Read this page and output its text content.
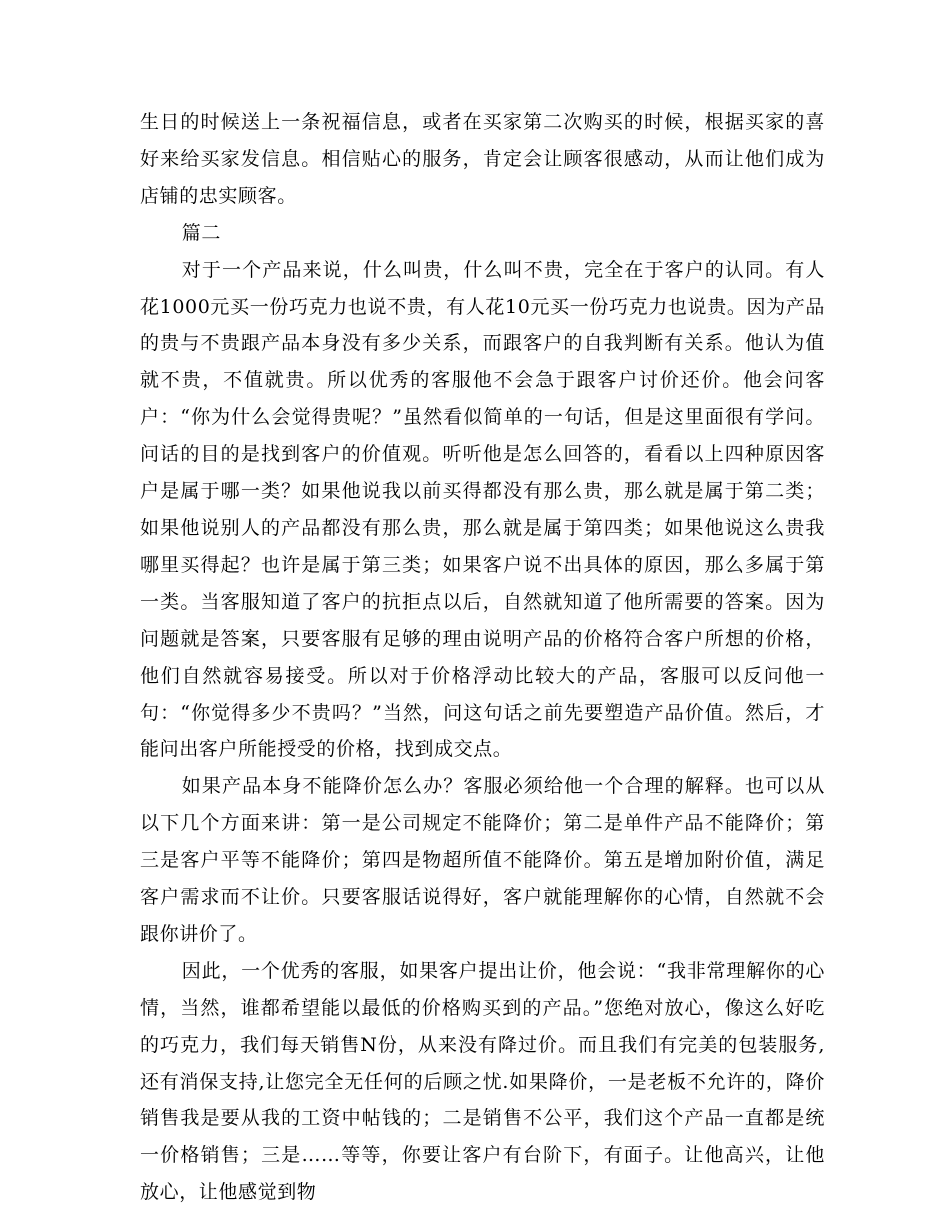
生日的时候送上一条祝福信息，或者在买家第二次购买的时候，根据买家的喜好来给买家发信息。相信贴心的服务，肯定会让顾客很感动，从而让他们成为店铺的忠实顾客。

篇二

对于一个产品来说，什么叫贵，什么叫不贵，完全在于客户的认同。有人花1000元买一份巧克力也说不贵，有人花10元买一份巧克力也说贵。因为产品的贵与不贵跟产品本身没有多少关系，而跟客户的自我判断有关系。他认为值就不贵，不值就贵。所以优秀的客服他不会急于跟客户讨价还价。他会问客户：“你为什么会觉得贵呢？”虽然看似简单的一句话，但是这里面很有学问。问话的目的是找到客户的价值观。听听他是怎么回答的，看看以上四种原因客户是属于哪一类？如果他说我以前买得都没有那么贵，那么就是属于第二类；如果他说别人的产品都没有那么贵，那么就是属于第四类；如果他说这么贵我哪里买得起？也许是属于第三类；如果客户说不出具体的原因，那么多属于第一类。当客服知道了客户的抗拒点以后，自然就知道了他所需要的答案。因为问题就是答案，只要客服有足够的理由说明产品的价格符合客户所想的价格，他们自然就容易接受。所以对于价格浮动比较大的产品，客服可以反问他一句：“你觉得多少不贵吗？”当然，问这句话之前先要塑造产品价值。然后，才能问出客户所能授受的价格，找到成交点。

如果产品本身不能降价怎么办？客服必须给他一个合理的解释。也可以从以下几个方面来讲：第一是公司规定不能降价；第二是单件产品不能降价；第三是客户平等不能降价；第四是物超所值不能降价。第五是增加附价值，满足客户需求而不让价。只要客服话说得好，客户就能理解你的心情，自然就不会跟你讲价了。

因此，一个优秀的客服，如果客户提出让价，他会说：“我非常理解你的心情，当然，谁都希望能以最低的价格购买到的产品。”您绝对放心，像这么好吃的巧克力，我们每天销售N份，从来没有降过价。而且我们有完美的包装服务,还有消保支持,让您完全无任何的后顾之忧.如果降价，一是老板不允许的，降价销售我是要从我的工资中帖钱的；二是销售不公平，我们这个产品一直都是统一价格销售；三是……等等，你要让客户有台阶下，有面子。让他高兴，让他放心，让他感觉到物
